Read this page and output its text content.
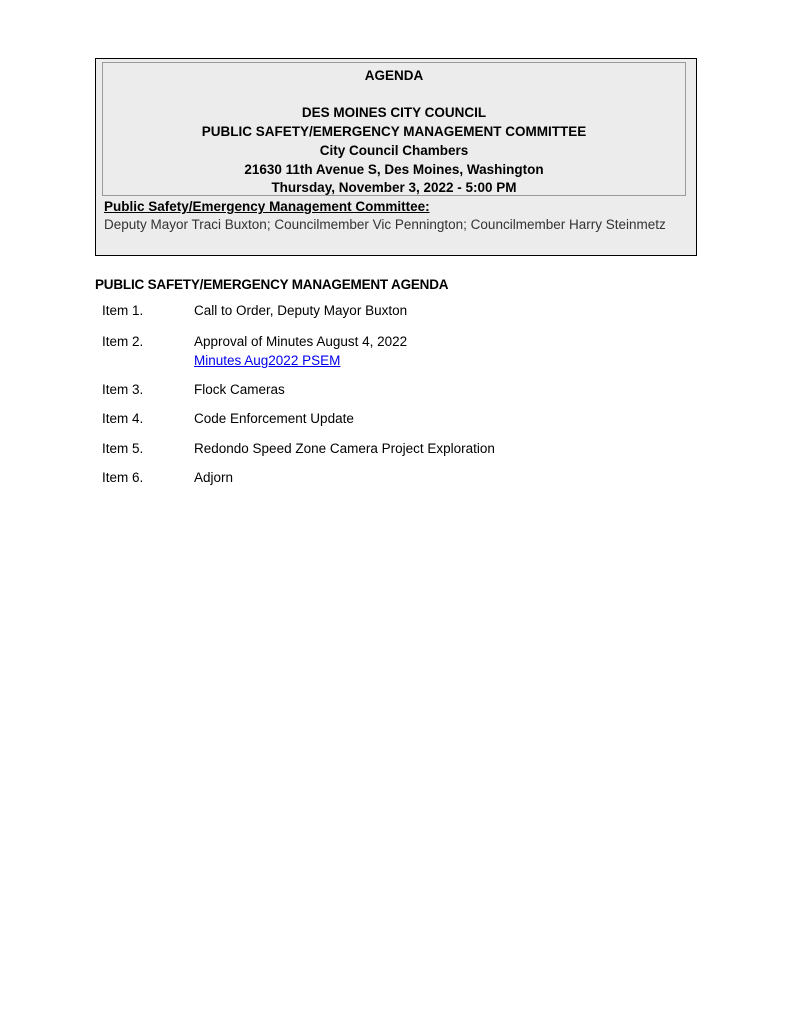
AGENDA
DES MOINES CITY COUNCIL
PUBLIC SAFETY/EMERGENCY MANAGEMENT COMMITTEE
City Council Chambers
21630 11th Avenue S, Des Moines, Washington
Thursday, November 3, 2022 - 5:00 PM
Public Safety/Emergency Management Committee:
Deputy Mayor Traci Buxton; Councilmember Vic Pennington; Councilmember Harry Steinmetz
PUBLIC SAFETY/EMERGENCY MANAGEMENT AGENDA
Item 1.	Call to Order, Deputy Mayor Buxton
Item 2.	Approval of Minutes August 4, 2022
Minutes Aug2022 PSEM
Item 3.	Flock Cameras
Item 4.	Code Enforcement Update
Item 5.	Redondo Speed Zone Camera Project Exploration
Item 6.	Adjorn
